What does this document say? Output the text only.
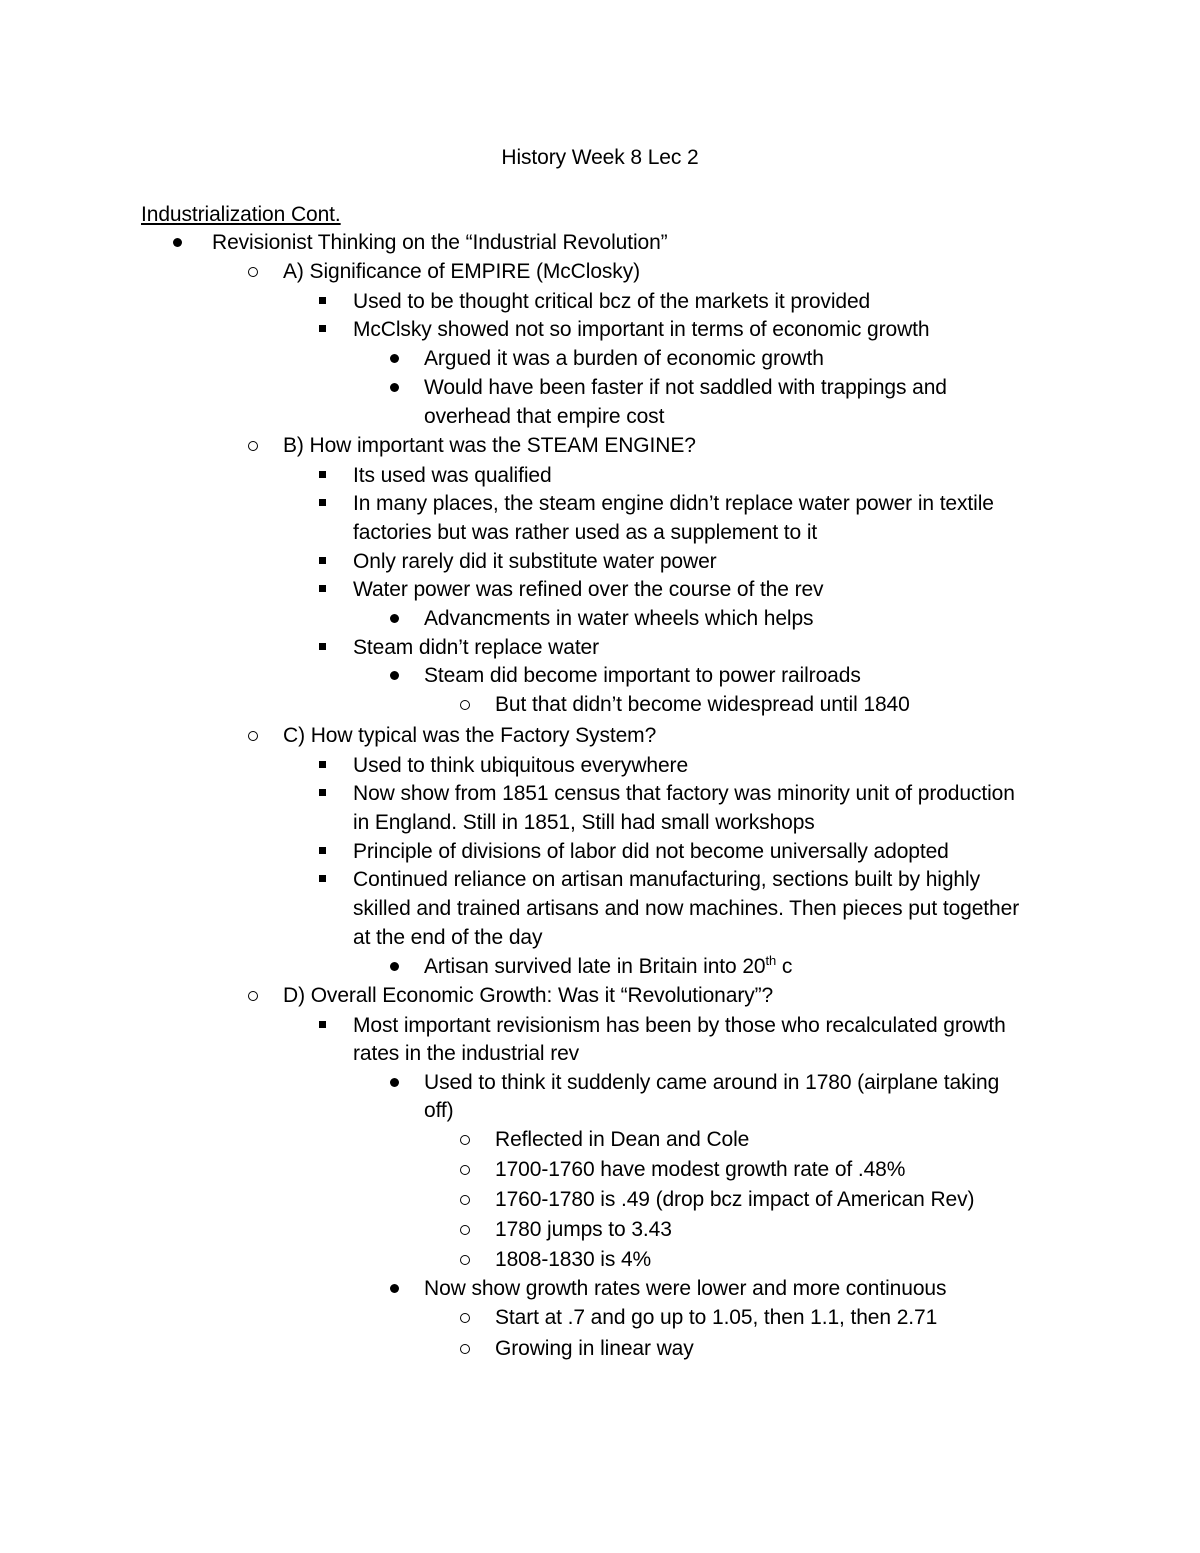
History Week 8 Lec 2
Industrialization Cont.
Revisionist Thinking on the “Industrial Revolution”
A) Significance of EMPIRE (McClosky)
Used to be thought critical bcz of the markets it provided
McClsky showed not so important in terms of economic growth
Argued it was a burden of economic growth
Would have been faster if not saddled with trappings and
overhead that empire cost
B) How important was the STEAM ENGINE?
Its used was qualified
In many places, the steam engine didn’t replace water power in textile
factories but was rather used as a supplement to it
Only rarely did it substitute water power
Water power was refined over the course of the rev
Advancments in water wheels which helps
Steam didn’t replace water
Steam did become important to power railroads
But that didn’t become widespread until 1840
C) How typical was the Factory System?
Used to think ubiquitous everywhere
Now show from 1851 census that factory was minority unit of production
in England. Still in 1851, Still had small workshops
Principle of divisions of labor did not become universally adopted
Continued reliance on artisan manufacturing, sections built by highly
skilled and trained artisans and now machines. Then pieces put together
at the end of the day
Artisan survived late in Britain into 20th c
D) Overall Economic Growth: Was it “Revolutionary”?
Most important revisionism has been by those who recalculated growth
rates in the industrial rev
Used to think it suddenly came around in 1780 (airplane taking
off)
Reflected in Dean and Cole
1700-1760 have modest growth rate of .48%
1760-1780 is .49 (drop bcz impact of American Rev)
1780 jumps to 3.43
1808-1830 is 4%
Now show growth rates were lower and more continuous
Start at .7 and go up to 1.05, then 1.1, then 2.71
Growing in linear way
